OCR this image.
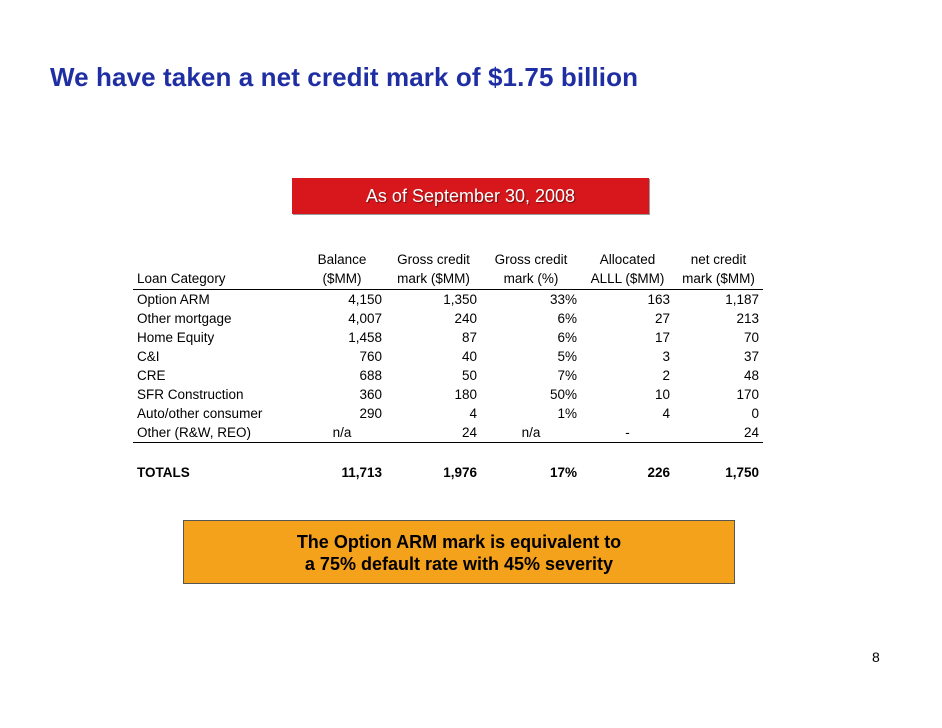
We have taken a net credit mark of $1.75 billion
As of September 30, 2008
	Balance	Gross credit	Gross credit	Allocated	net credit
Loan Category	($MM)	mark ($MM)	mark (%)	ALLL ($MM)	mark ($MM)
Option ARM	4,150	1,350	33%	163	1,187
Other mortgage	4,007	240	6%	27	213
Home Equity	1,458	87	6%	17	70
C&I	760	40	5%	3	37
CRE	688	50	7%	2	48
SFR Construction	360	180	50%	10	170
Auto/other consumer	290	4	1%	4	0
Other (R&W, REO)	n/a	24	n/a	-	24

TOTALS	11,713	1,976	17%	226	1,750
The Option ARM mark is equivalent to
a 75% default rate with 45% severity
8
